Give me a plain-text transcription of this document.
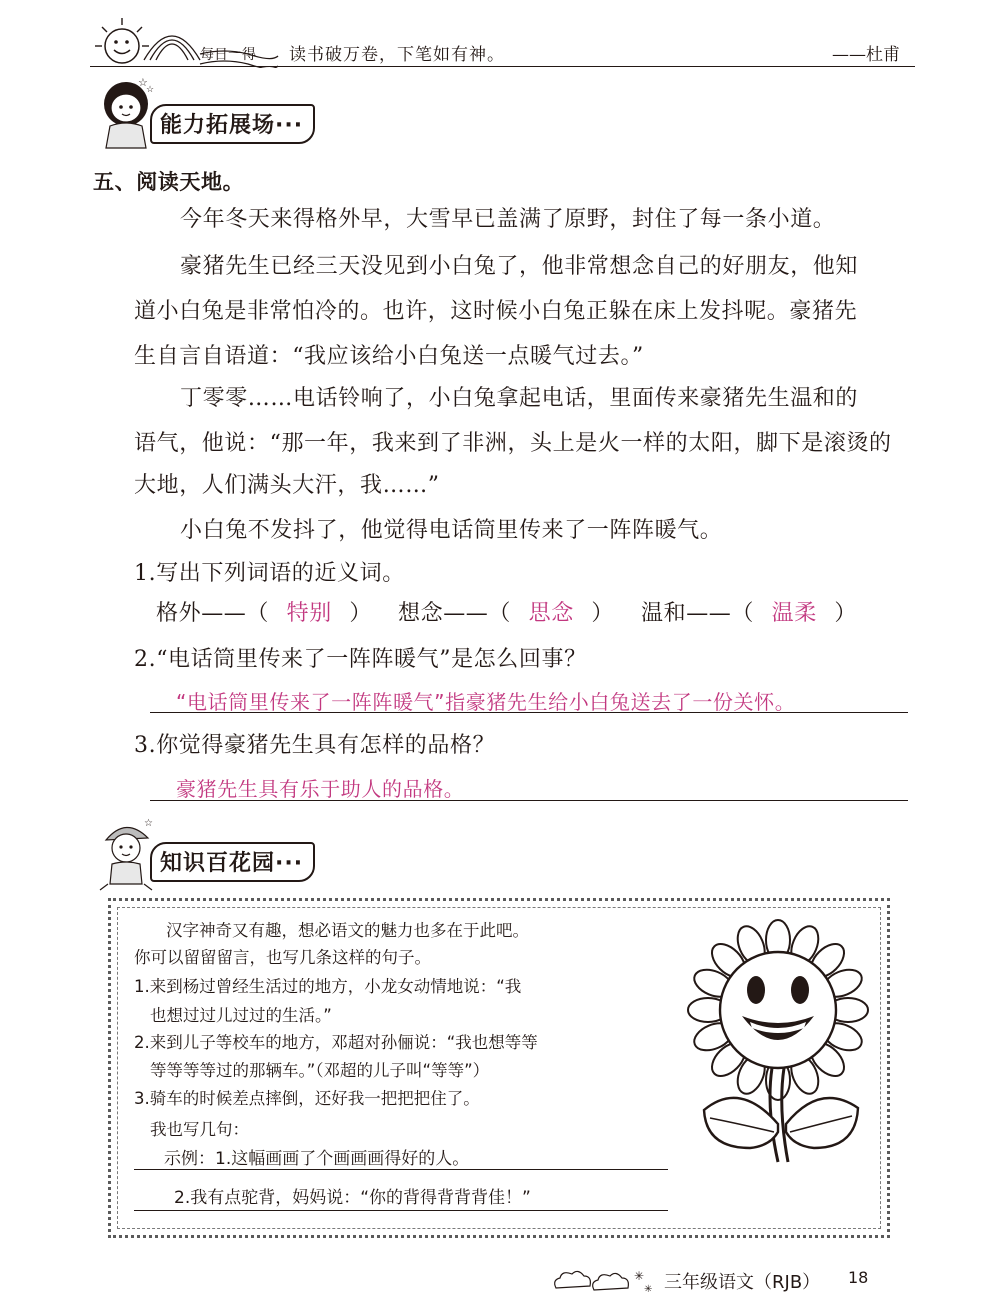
每日一得 读书破万卷，下笔如有神。	——杜甫
☆
☆
能力拓展场···
五、阅读天地。
今年冬天来得格外早，大雪早已盖满了原野，封住了每一条小道。
豪猪先生已经三天没见到小白兔了，他非常想念自己的好朋友，他知
道小白兔是非常怕冷的。也许，这时候小白兔正躲在床上发抖呢。豪猪先
生自言自语道：“我应该给小白兔送一点暖气过去。”
丁零零……电话铃响了，小白兔拿起电话，里面传来豪猪先生温和的
语气，他说：“那一年，我来到了非洲，头上是火一样的太阳，脚下是滚烫的
大地，人们满头大汗，我……”
小白兔不发抖了，他觉得电话筒里传来了一阵阵暖气。
1.写出下列词语的近义词。
格外——（ 特别 ） 想念——（ 思念 ） 温和——（ 温柔 ）
2.“电话筒里传来了一阵阵暖气”是怎么回事？
“电话筒里传来了一阵阵暖气”指豪猪先生给小白兔送去了一份关怀。
3.你觉得豪猪先生具有怎样的品格？
豪猪先生具有乐于助人的品格。
☆
知识百花园···
汉字神奇又有趣，想必语文的魅力也多在于此吧。
你可以留留留言，也写几条这样的句子。
1.来到杨过曾经生活过的地方，小龙女动情地说：“我
也想过过儿过过的生活。”
2.来到儿子等校车的地方，邓超对孙俪说：“我也想等等
等等等等过的那辆车。”（邓超的儿子叫“等等”）
3.骑车的时候差点摔倒，还好我一把把把住了。
我也写几句：
示例：1.这幅画画了个画画画得好的人。
2.我有点驼背，妈妈说：“你的背得背背背佳！”
✳
✳ 三年级语文（RJB） 18
